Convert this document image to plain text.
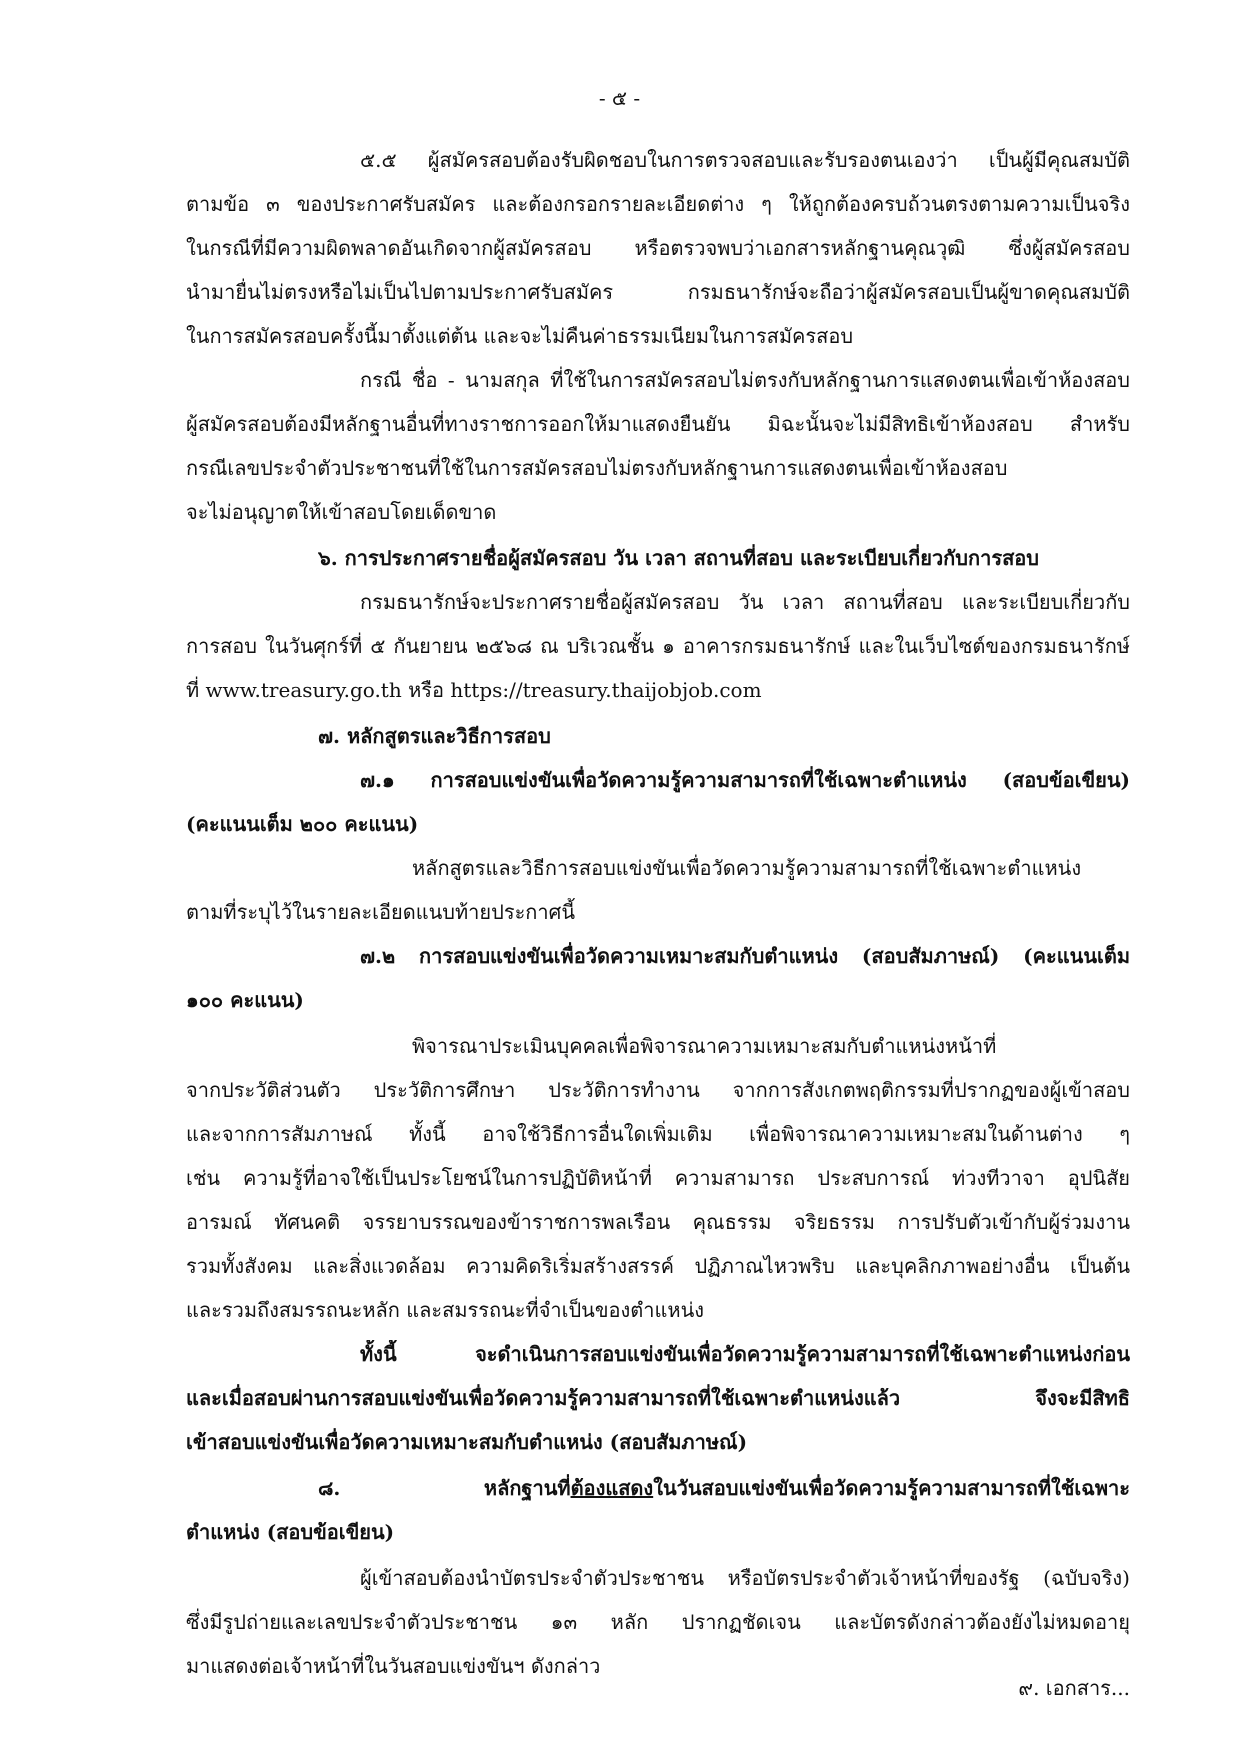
- ๕ -
๕.๕ ผู้สมัครสอบต้องรับผิดชอบในการตรวจสอบและรับรองตนเองว่า เป็นผู้มีคุณสมบัติ
ตามข้อ ๓ ของประกาศรับสมัคร และต้องกรอกรายละเอียดต่าง ๆ ให้ถูกต้องครบถ้วนตรงตามความเป็นจริง
ในกรณีที่มีความผิดพลาดอันเกิดจากผู้สมัครสอบ หรือตรวจพบว่าเอกสารหลักฐานคุณวุฒิ ซึ่งผู้สมัครสอบ
นำมายื่นไม่ตรงหรือไม่เป็นไปตามประกาศรับสมัคร กรมธนารักษ์จะถือว่าผู้สมัครสอบเป็นผู้ขาดคุณสมบัติ
ในการสมัครสอบครั้งนี้มาตั้งแต่ต้น และจะไม่คืนค่าธรรมเนียมในการสมัครสอบ
กรณี ชื่อ - นามสกุล ที่ใช้ในการสมัครสอบไม่ตรงกับหลักฐานการแสดงตนเพื่อเข้าห้องสอบ
ผู้สมัครสอบต้องมีหลักฐานอื่นที่ทางราชการออกให้มาแสดงยืนยัน มิฉะนั้นจะไม่มีสิทธิเข้าห้องสอบ สำหรับ
กรณีเลขประจำตัวประชาชนที่ใช้ในการสมัครสอบไม่ตรงกับหลักฐานการแสดงตนเพื่อเข้าห้องสอบ
จะไม่อนุญาตให้เข้าสอบโดยเด็ดขาด
๖. การประกาศรายชื่อผู้สมัครสอบ วัน เวลา สถานที่สอบ และระเบียบเกี่ยวกับการสอบ
กรมธนารักษ์จะประกาศรายชื่อผู้สมัครสอบ วัน เวลา สถานที่สอบ และระเบียบเกี่ยวกับ
การสอบ ในวันศุกร์ที่ ๕ กันยายน ๒๕๖๘ ณ บริเวณชั้น ๑ อาคารกรมธนารักษ์ และในเว็บไซต์ของกรมธนารักษ์
ที่ www.treasury.go.th หรือ https://treasury.thaijobjob.com
๗. หลักสูตรและวิธีการสอบ
๗.๑ การสอบแข่งขันเพื่อวัดความรู้ความสามารถที่ใช้เฉพาะตำแหน่ง (สอบข้อเขียน)
(คะแนนเต็ม ๒๐๐ คะแนน)
หลักสูตรและวิธีการสอบแข่งขันเพื่อวัดความรู้ความสามารถที่ใช้เฉพาะตำแหน่ง
ตามที่ระบุไว้ในรายละเอียดแนบท้ายประกาศนี้
๗.๒ การสอบแข่งขันเพื่อวัดความเหมาะสมกับตำแหน่ง (สอบสัมภาษณ์) (คะแนนเต็ม
๑๐๐ คะแนน)
พิจารณาประเมินบุคคลเพื่อพิจารณาความเหมาะสมกับตำแหน่งหน้าที่
จากประวัติส่วนตัว ประวัติการศึกษา ประวัติการทำงาน จากการสังเกตพฤติกรรมที่ปรากฏของผู้เข้าสอบ
และจากการสัมภาษณ์ ทั้งนี้ อาจใช้วิธีการอื่นใดเพิ่มเติม เพื่อพิจารณาความเหมาะสมในด้านต่าง ๆ
เช่น ความรู้ที่อาจใช้เป็นประโยชน์ในการปฏิบัติหน้าที่ ความสามารถ ประสบการณ์ ท่วงทีวาจา อุปนิสัย
อารมณ์ ทัศนคติ จรรยาบรรณของข้าราชการพลเรือน คุณธรรม จริยธรรม การปรับตัวเข้ากับผู้ร่วมงาน
รวมทั้งสังคม และสิ่งแวดล้อม ความคิดริเริ่มสร้างสรรค์ ปฏิภาณไหวพริบ และบุคลิกภาพอย่างอื่น เป็นต้น
และรวมถึงสมรรถนะหลัก และสมรรถนะที่จำเป็นของตำแหน่ง
ทั้งนี้ จะดำเนินการสอบแข่งขันเพื่อวัดความรู้ความสามารถที่ใช้เฉพาะตำแหน่งก่อน
และเมื่อสอบผ่านการสอบแข่งขันเพื่อวัดความรู้ความสามารถที่ใช้เฉพาะตำแหน่งแล้ว จึงจะมีสิทธิ
เข้าสอบแข่งขันเพื่อวัดความเหมาะสมกับตำแหน่ง (สอบสัมภาษณ์)
๘. หลักฐานที่ต้องแสดงในวันสอบแข่งขันเพื่อวัดความรู้ความสามารถที่ใช้เฉพาะ
ตำแหน่ง (สอบข้อเขียน)
ผู้เข้าสอบต้องนำบัตรประจำตัวประชาชน หรือบัตรประจำตัวเจ้าหน้าที่ของรัฐ (ฉบับจริง)
ซึ่งมีรูปถ่ายและเลขประจำตัวประชาชน ๑๓ หลัก ปรากฏชัดเจน และบัตรดังกล่าวต้องยังไม่หมดอายุ
มาแสดงต่อเจ้าหน้าที่ในวันสอบแข่งขันฯ ดังกล่าว
๙. เอกสาร...
